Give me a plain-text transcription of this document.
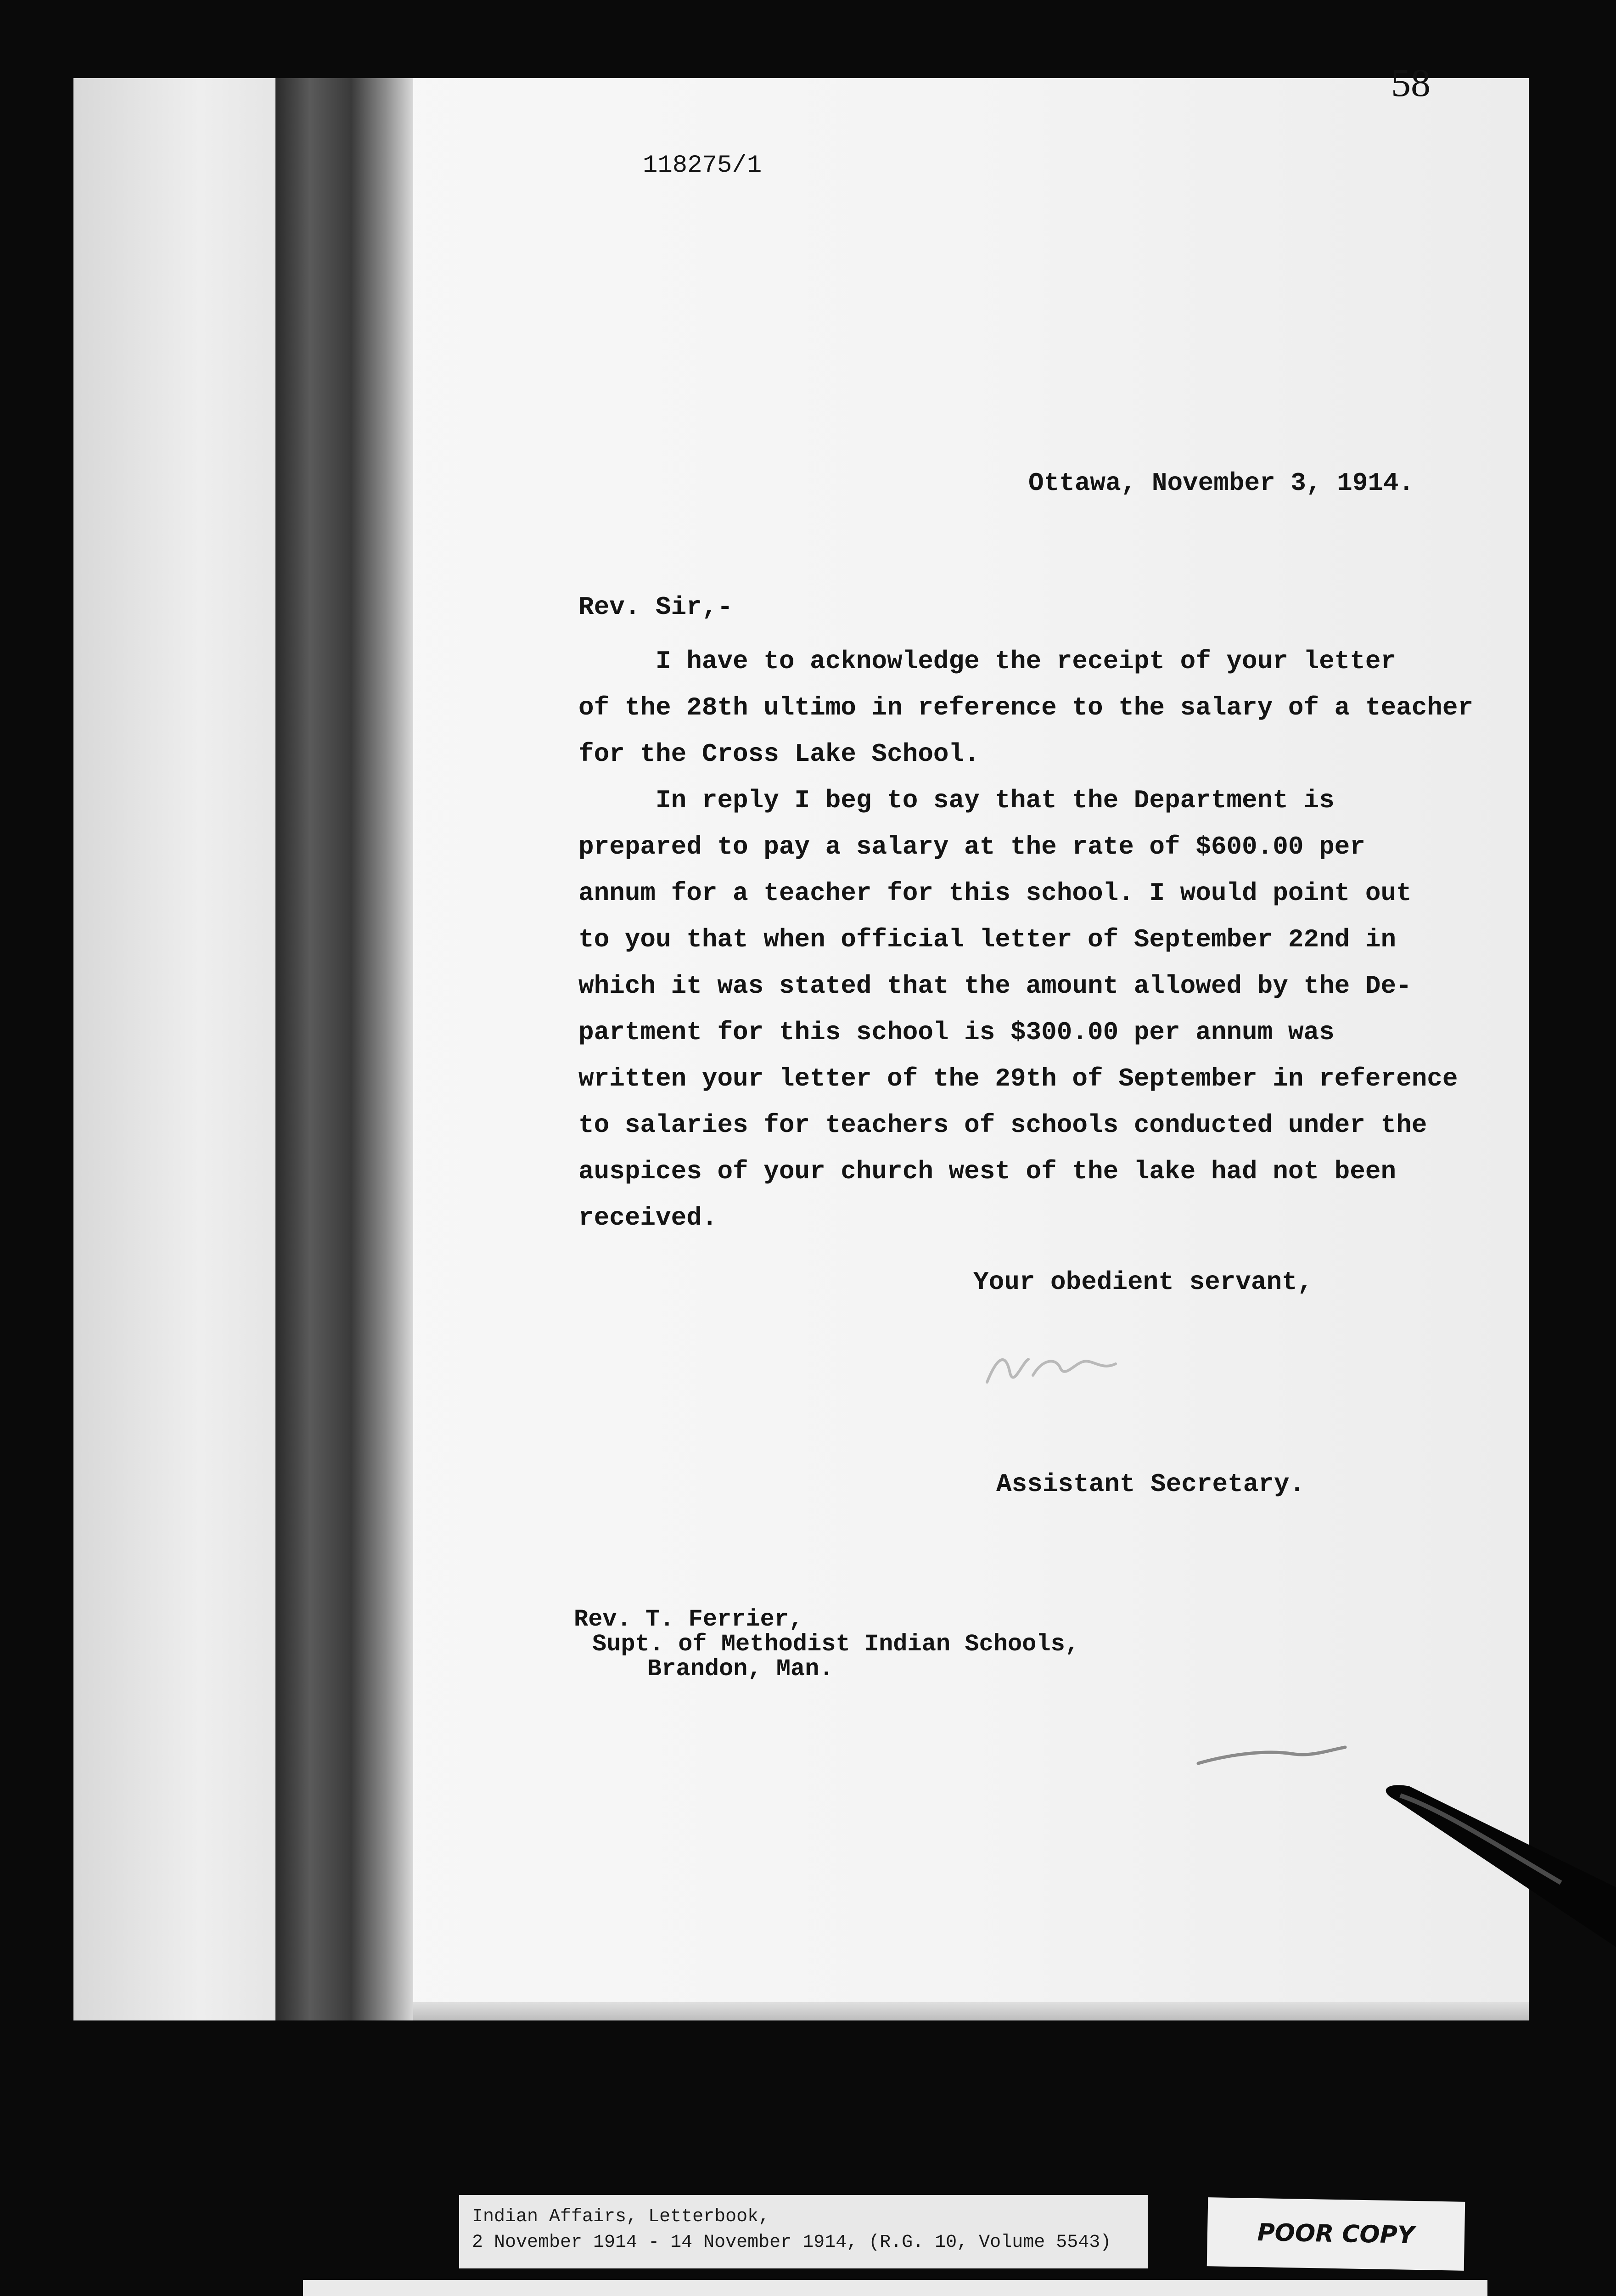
58
118275/1
Ottawa, November 3, 1914.
Rev. Sir,-
I have to acknowledge the receipt of your letter
of the 28th ultimo in reference to the salary of a teacher
for the Cross Lake School.
In reply I beg to say that the Department is
prepared to pay a salary at the rate of $600.00 per
annum for a teacher for this school. I would point out
to you that when official letter of September 22nd in
which it was stated that the amount allowed by the De-
partment for this school is $300.00 per annum was
written your letter of the 29th of September in reference
to salaries for teachers of schools conducted under the
auspices of your church west of the lake had not been
received.
Your obedient servant,
Assistant Secretary.
Rev. T. Ferrier,
Supt. of Methodist Indian Schools,
Brandon, Man.
Indian Affairs, Letterbook,
2 November 1914 - 14 November 1914, (R.G. 10, Volume 5543)	POOR COPY
